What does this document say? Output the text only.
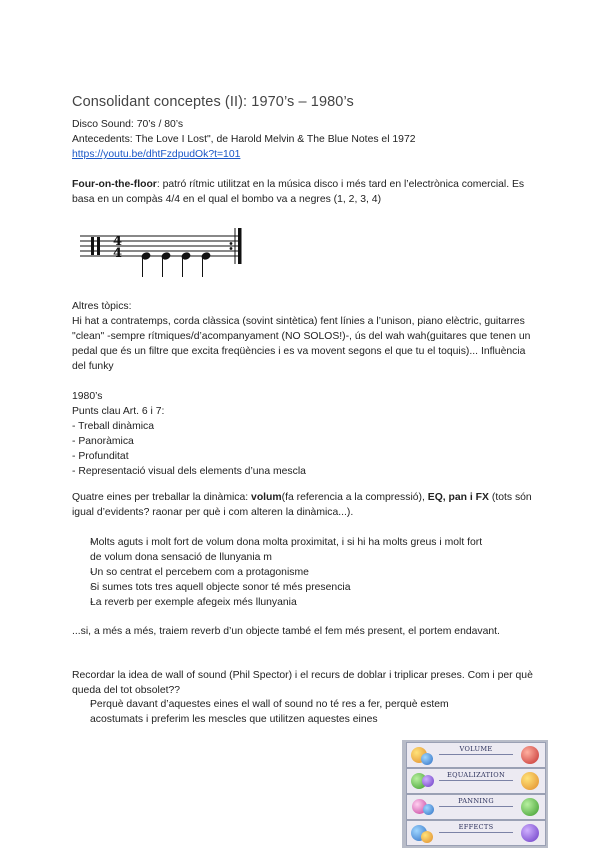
Consolidant conceptes (II): 1970’s – 1980’s
Disco Sound: 70’s / 80’s
Antecedents: The Love I Lost", de Harold Melvin & The Blue Notes el 1972
https://youtu.be/dhtFzdpudOk?t=101
Four-on-the-floor: patró rítmic utilitzat en la música disco i més tard en l’electrònica comercial. Es basa en un compàs 4/4 en el qual el bombo va a negres (1, 2, 3, 4)
4
4
Altres tòpics:
Hi hat a contratemps, corda clàssica (sovint sintètica) fent línies a l’unison, piano elèctric, guitarres "clean" -sempre rítmiques/d’acompanyament (NO SOLOS!)-, ús del wah wah(guitares que tenen un pedal que és un filtre que excita freqüències i es va movent segons el que tu el toquis)... Influència del funky
1980’s
Punts clau Art. 6 i 7:
- Treball dinàmica
- Panoràmica
- Profunditat
- Representació visual dels elements d’una mescla
Quatre eines per treballar la dinàmica: volum(fa referencia a la compressió), EQ, pan i FX (tots són igual d’evidents? raonar per què i com alteren la dinàmica...).
- Molts aguts i molt fort de volum dona molta proximitat, i si hi ha molts greus i molt fort de volum dona sensació de llunyania m
- Un so centrat el percebem com a protagonisme
- Si sumes tots tres aquell objecte sonor té més presencia
- La reverb per exemple afegeix més llunyania
...si, a més a més, traiem reverb d’un objecte també el fem més present, el portem endavant.
Recordar la idea de wall of sound (Phil Spector) i el recurs de doblar i triplicar preses. Com i per què queda del tot obsolet??
- Perquè davant d’aquestes eines el wall of sound no té res a fer, perquè estem acostumats i preferim les mescles que utilitzen aquestes eines
VOLUME
EQUALIZATION
PANNING
EFFECTS
